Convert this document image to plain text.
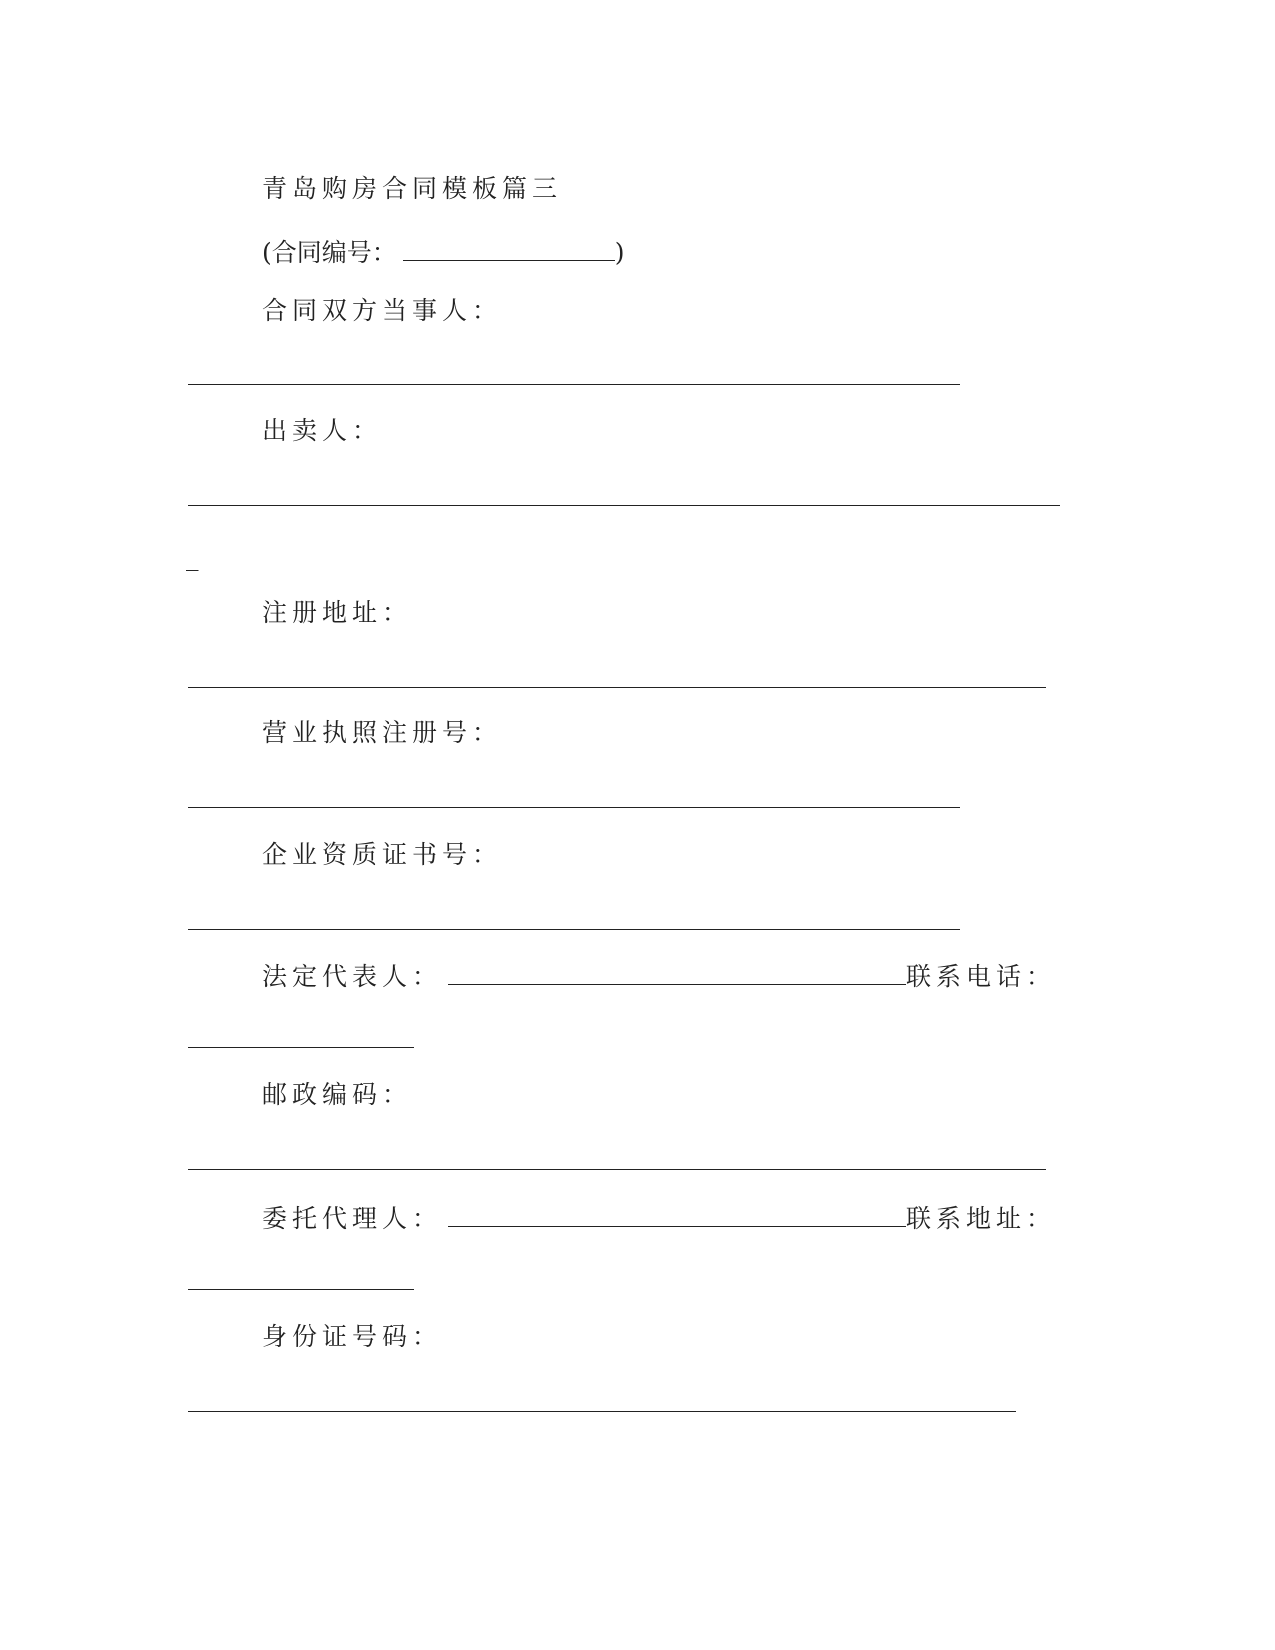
青岛购房合同模板篇三
(合同编号：	)
合同双方当事人：
出卖人：
_
注册地址：
营业执照注册号：
企业资质证书号：
法定代表人：	联系电话：
邮政编码：
委托代理人：	联系地址：
身份证号码：
